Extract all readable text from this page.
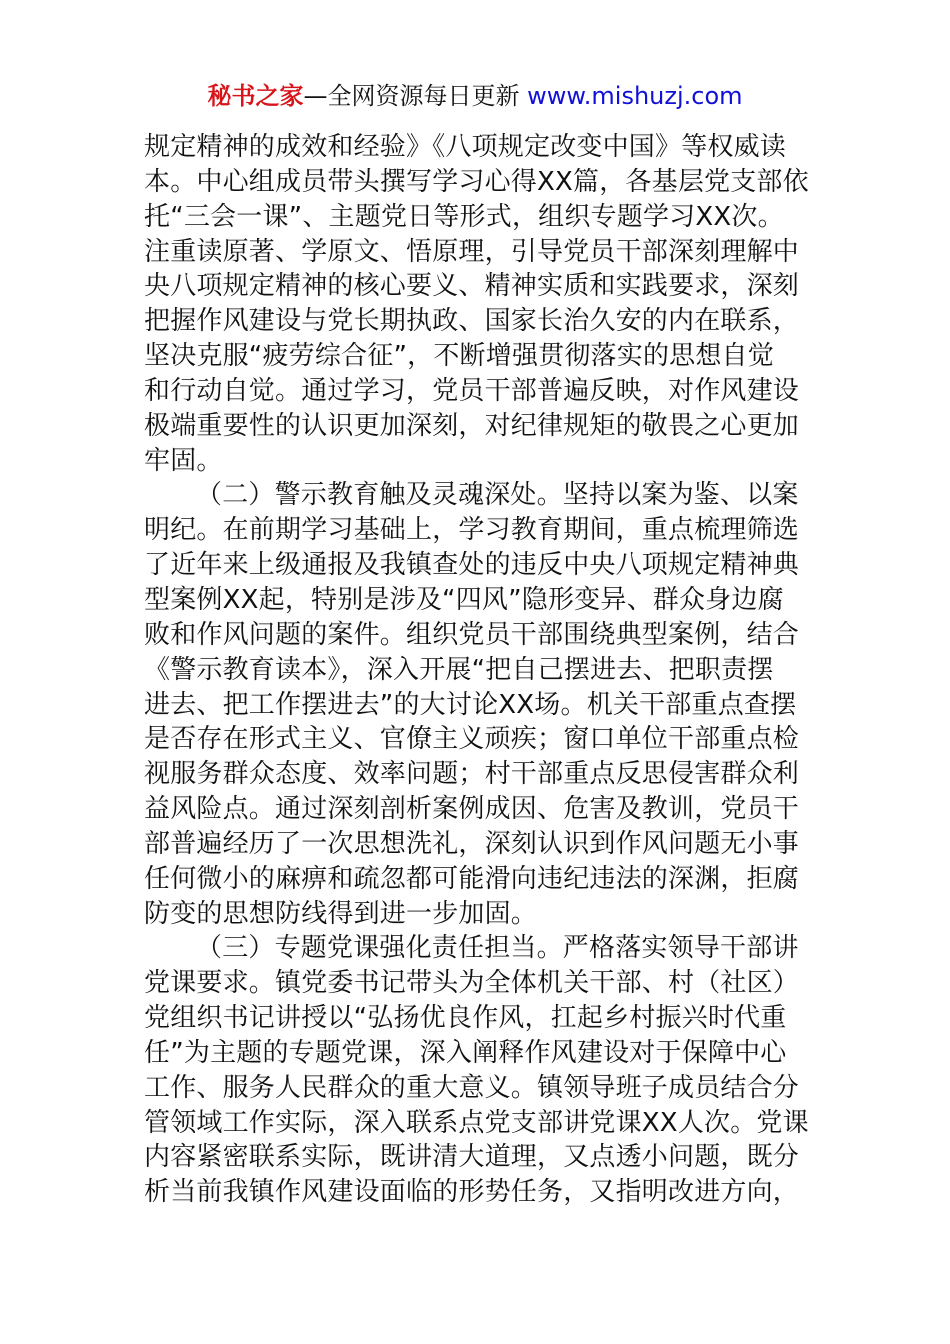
秘书之家—全网资源每日更新 www.mishuzj.com
规定精神的成效和经验》《八项规定改变中国》等权威读
本。中心组成员带头撰写学习心得XX篇，各基层党支部依
托“三会一课”、主题党日等形式，组织专题学习XX次。
注重读原著、学原文、悟原理，引导党员干部深刻理解中
央八项规定精神的核心要义、精神实质和实践要求，深刻
把握作风建设与党长期执政、国家长治久安的内在联系，
坚决克服“疲劳综合征”，不断增强贯彻落实的思想自觉
和行动自觉。通过学习，党员干部普遍反映，对作风建设
极端重要性的认识更加深刻，对纪律规矩的敬畏之心更加
牢固。
（二）警示教育触及灵魂深处。坚持以案为鉴、以案
明纪。在前期学习基础上，学习教育期间，重点梳理筛选
了近年来上级通报及我镇查处的违反中央八项规定精神典
型案例XX起，特别是涉及“四风”隐形变异、群众身边腐
败和作风问题的案件。组织党员干部围绕典型案例，结合
《警示教育读本》，深入开展“把自己摆进去、把职责摆
进去、把工作摆进去”的大讨论XX场。机关干部重点查摆
是否存在形式主义、官僚主义顽疾；窗口单位干部重点检
视服务群众态度、效率问题；村干部重点反思侵害群众利
益风险点。通过深刻剖析案例成因、危害及教训，党员干
部普遍经历了一次思想洗礼，深刻认识到作风问题无小事
任何微小的麻痹和疏忽都可能滑向违纪违法的深渊，拒腐
防变的思想防线得到进一步加固。
（三）专题党课强化责任担当。严格落实领导干部讲
党课要求。镇党委书记带头为全体机关干部、村（社区）
党组织书记讲授以“弘扬优良作风，扛起乡村振兴时代重
任”为主题的专题党课，深入阐释作风建设对于保障中心
工作、服务人民群众的重大意义。镇领导班子成员结合分
管领域工作实际，深入联系点党支部讲党课XX人次。党课
内容紧密联系实际，既讲清大道理，又点透小问题，既分
析当前我镇作风建设面临的形势任务，又指明改进方向，
